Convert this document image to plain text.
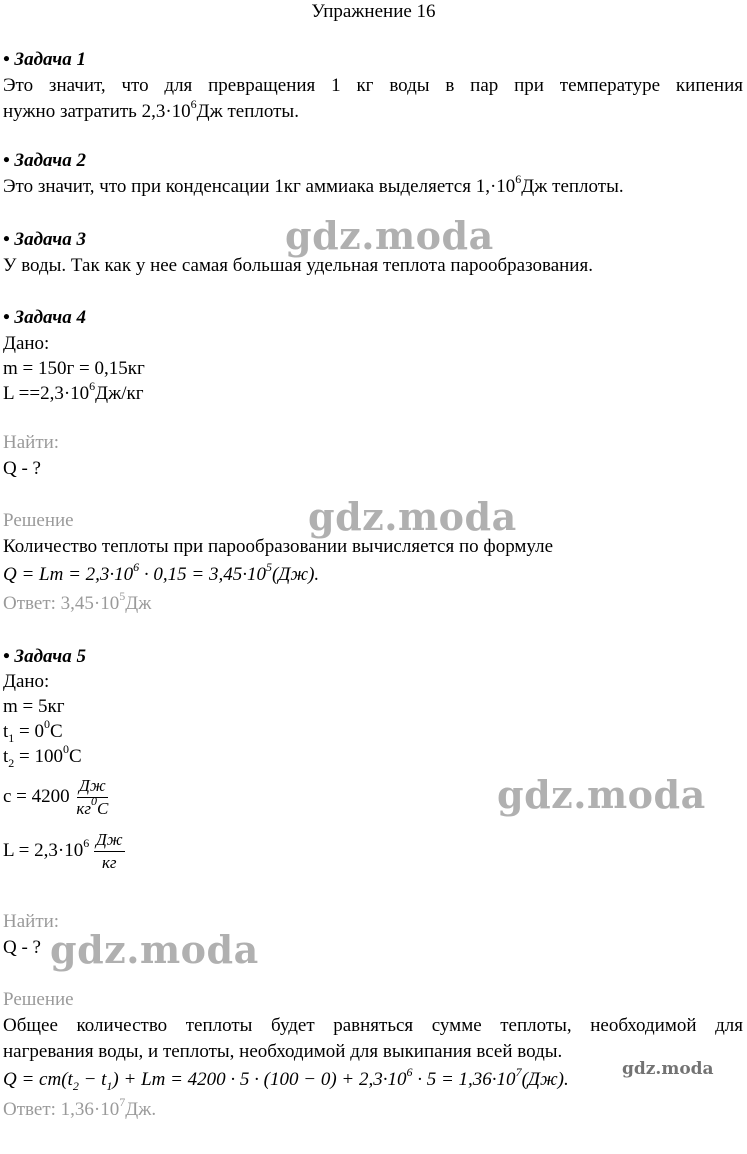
Упражнение 16
• Задача 1
Это значит, что для превращения 1 кг воды в пар при температуре кипения
нужно затратить $2,3\cdot 10^6Дж$ теплоты.
• Задача 2
Это значит, что при конденсации 1кг аммиака выделяется $1,\cdot 10^6Дж$ теплоты.
• Задача 3
У воды. Так как у нее самая большая удельная теплота парообразования.
• Задача 4
Дано:
m = 150г = 0,15кг
$L ==2,3\cdot 10^6Дж/кг$
Найти:
Q - ?
Решение
Количество теплоты при парообразовании вычисляется по формуле
$Q = Lm = 2,3\cdot 10^6 \cdot 0,15 = 3,45\cdot 10^5(Дж)$.
Ответ: $3,45\cdot 10^5Дж$
• Задача 5
Дано:
m = 5кг
$t_1 = 0^0C$
$t_2 = 100^0C$
$c = 4200 \frac{Дж}{кг^0C}$
$L = 2,3\cdot 10^6 \frac{Дж}{кг}$
Найти:
Q - ?
Решение
Общее количество теплоты будет равняться сумме теплоты, необходимой для
нагревания воды, и теплоты, необходимой для выкипания всей воды.
$Q = cm(t_2 - t_1) + Lm = 4200 \cdot 5 \cdot (100 - 0) + 2,3\cdot 10^6 \cdot 5 = 1,36\cdot 10^7(Дж)$.
Ответ: $1,36\cdot 10^7Дж$.
gdz.moda
gdz.moda
gdz.moda
gdz.moda
gdz.moda
